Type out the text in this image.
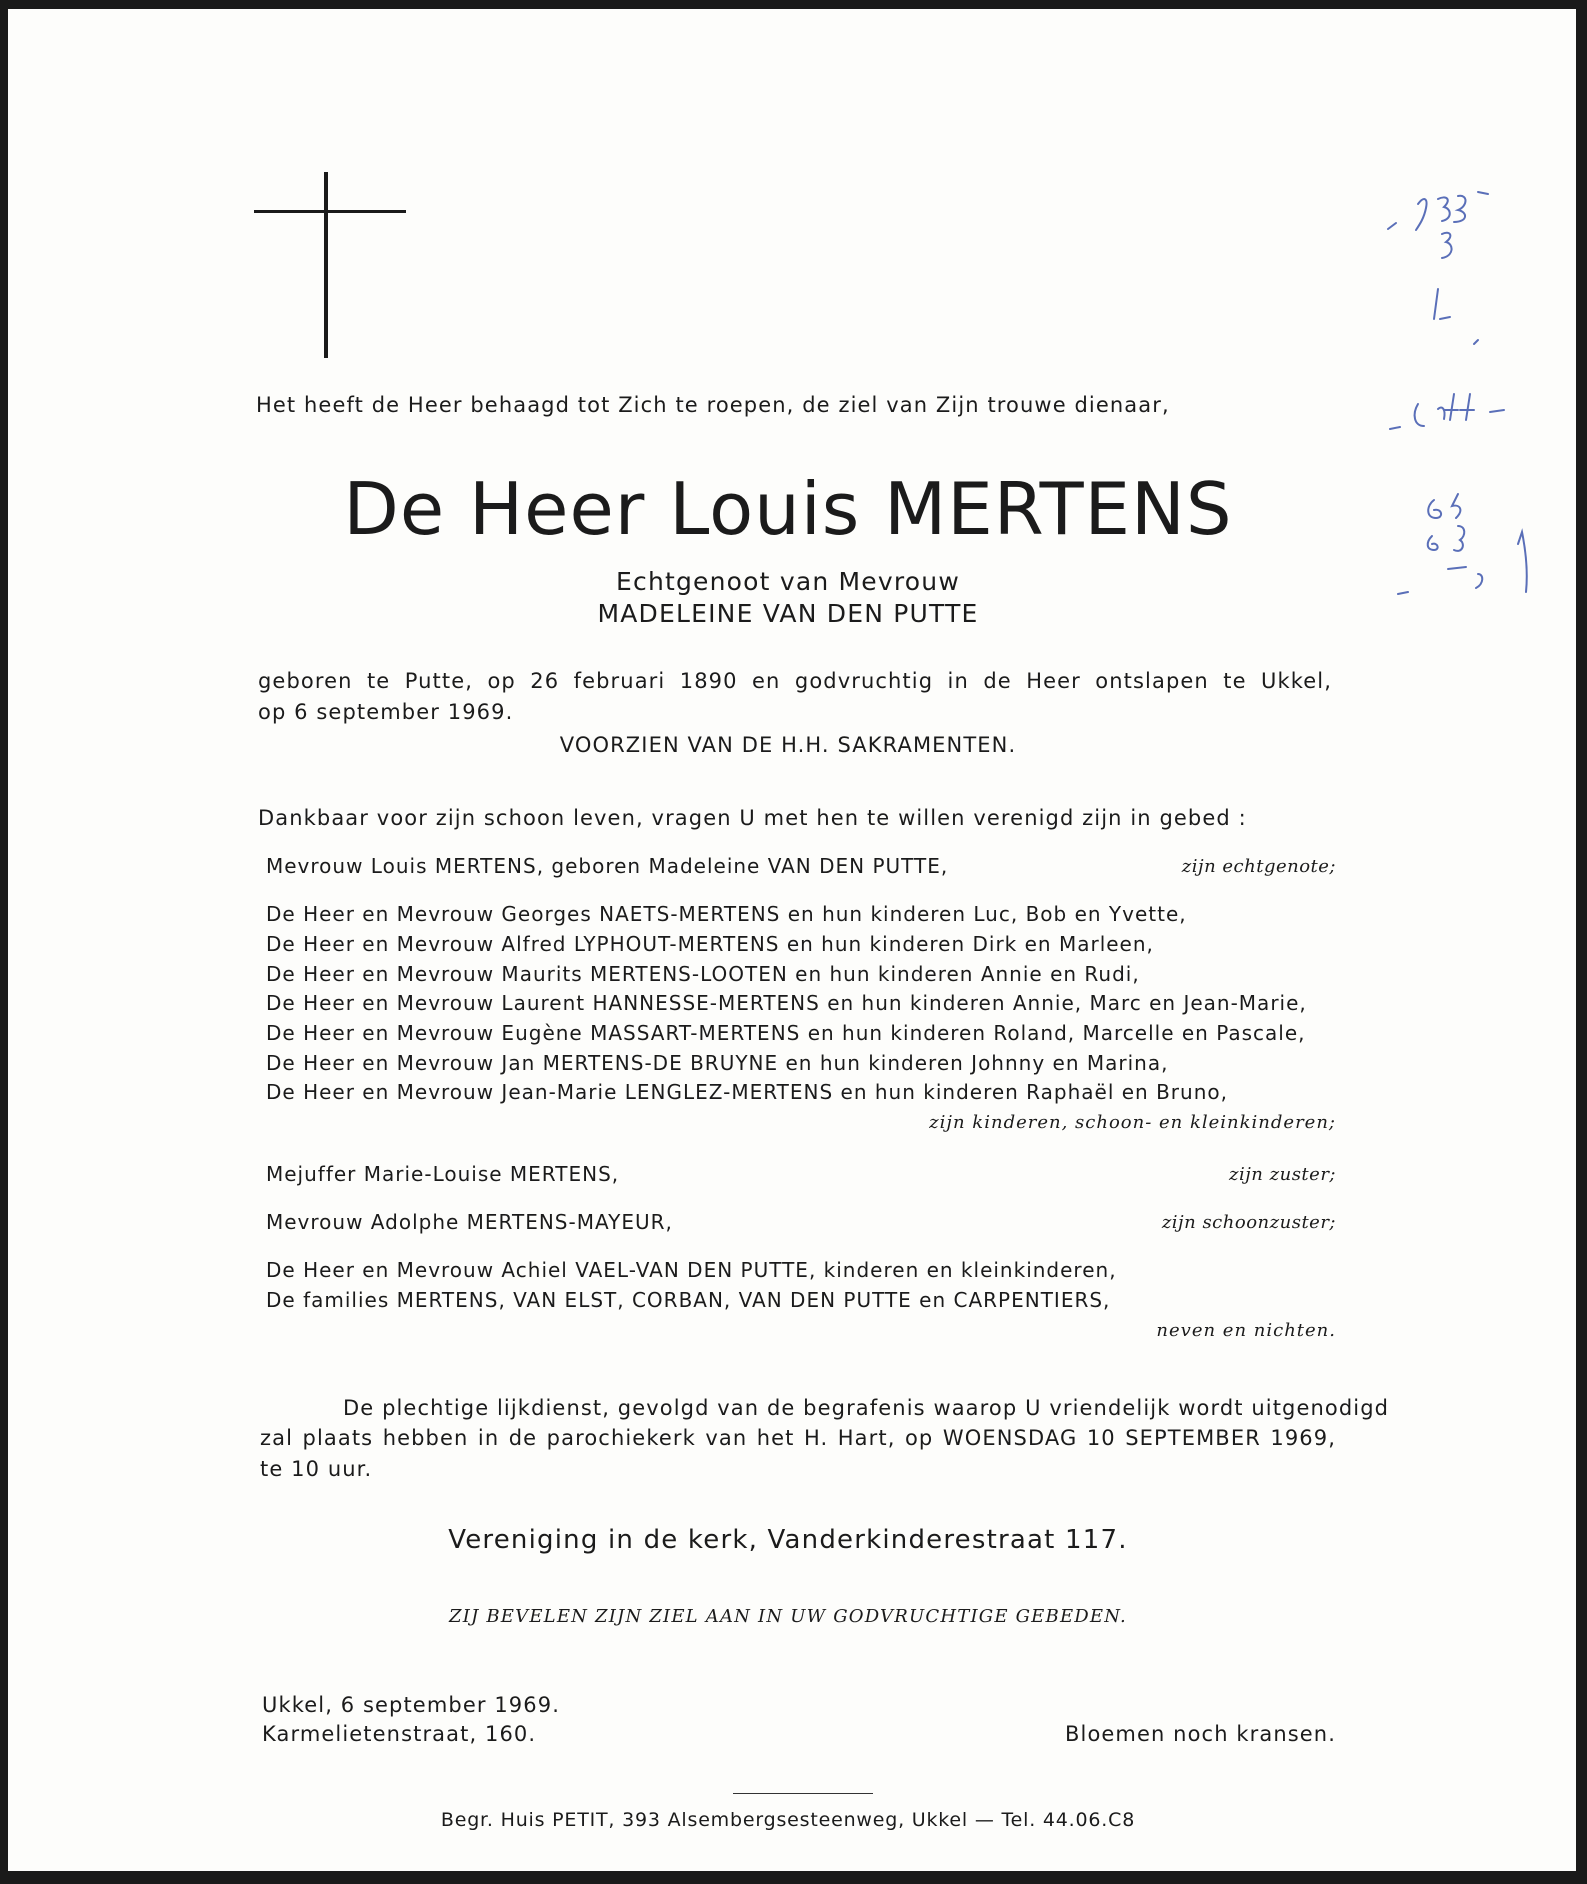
Het heeft de Heer behaagd tot Zich te roepen, de ziel van Zijn trouwe dienaar,
De Heer Louis MERTENS
Echtgenoot van Mevrouw
MADELEINE VAN DEN PUTTE
geboren te Putte, op 26 februari 1890 en godvruchtig in de Heer ontslapen te Ukkel,
op 6 september 1969.
VOORZIEN VAN DE H.H. SAKRAMENTEN.
Dankbaar voor zijn schoon leven, vragen U met hen te willen verenigd zijn in gebed :
Mevrouw Louis MERTENS, geboren Madeleine VAN DEN PUTTE,	zijn echtgenote;
De Heer en Mevrouw Georges NAETS-MERTENS en hun kinderen Luc, Bob en Yvette,
De Heer en Mevrouw Alfred LYPHOUT-MERTENS en hun kinderen Dirk en Marleen,
De Heer en Mevrouw Maurits MERTENS-LOOTEN en hun kinderen Annie en Rudi,
De Heer en Mevrouw Laurent HANNESSE-MERTENS en hun kinderen Annie, Marc en Jean-Marie,
De Heer en Mevrouw Eugène MASSART-MERTENS en hun kinderen Roland, Marcelle en Pascale,
De Heer en Mevrouw Jan MERTENS-DE BRUYNE en hun kinderen Johnny en Marina,
De Heer en Mevrouw Jean-Marie LENGLEZ-MERTENS en hun kinderen Raphaël en Bruno,
zijn kinderen, schoon- en kleinkinderen;
Mejuffer Marie-Louise MERTENS,	zijn zuster;
Mevrouw Adolphe MERTENS-MAYEUR,	zijn schoonzuster;
De Heer en Mevrouw Achiel VAEL-VAN DEN PUTTE, kinderen en kleinkinderen,
De families MERTENS, VAN ELST, CORBAN, VAN DEN PUTTE en CARPENTIERS,
neven en nichten.
De plechtige lijkdienst, gevolgd van de begrafenis waarop U vriendelijk wordt uitgenodigd
zal plaats hebben in de parochiekerk van het H. Hart, op WOENSDAG 10 SEPTEMBER 1969,
te 10 uur.
Vereniging in de kerk, Vanderkinderestraat 117.
ZIJ BEVELEN ZIJN ZIEL AAN IN UW GODVRUCHTIGE GEBEDEN.
Ukkel, 6 september 1969.
Karmelietenstraat, 160.	Bloemen noch kransen.
Begr. Huis PETIT, 393 Alsembergsesteenweg, Ukkel — Tel. 44.06.C8
